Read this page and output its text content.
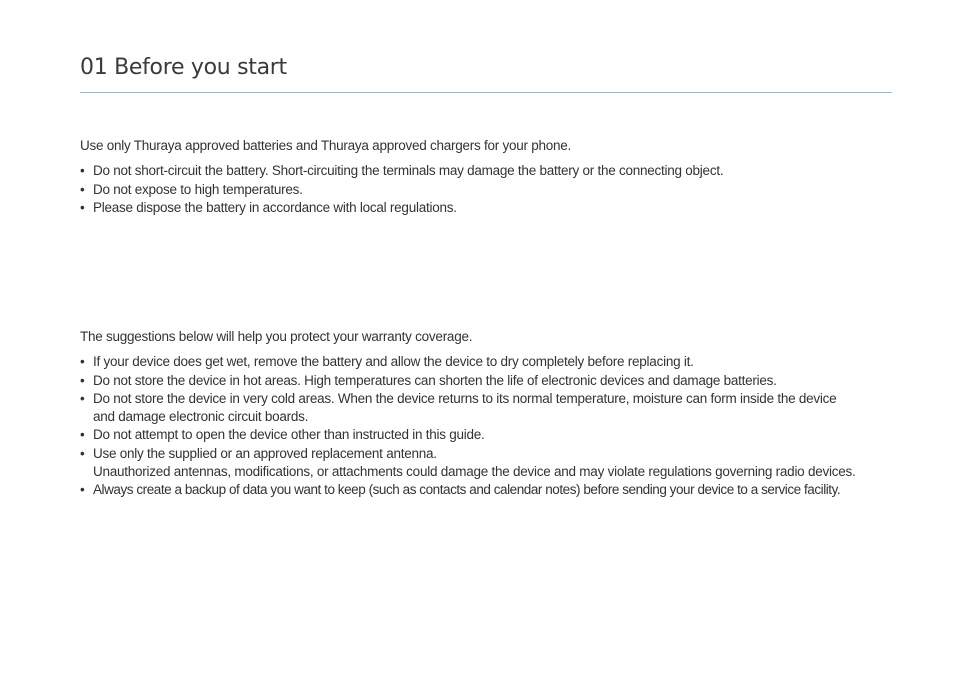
01 Before you start

Use only Thuraya approved batteries and Thuraya approved chargers for your phone.

• Do not short-circuit the battery. Short-circuiting the terminals may damage the battery or the connecting object.
• Do not expose to high temperatures.
• Please dispose the battery in accordance with local regulations.

The suggestions below will help you protect your warranty coverage.

• If your device does get wet, remove the battery and allow the device to dry completely before replacing it.
• Do not store the device in hot areas. High temperatures can shorten the life of electronic devices and damage batteries.
• Do not store the device in very cold areas. When the device returns to its normal temperature, moisture can form inside the device
and damage electronic circuit boards.
• Do not attempt to open the device other than instructed in this guide.
• Use only the supplied or an approved replacement antenna.
Unauthorized antennas, modifications, or attachments could damage the device and may violate regulations governing radio devices.
• Always create a backup of data you want to keep (such as contacts and calendar notes) before sending your device to a service facility.
